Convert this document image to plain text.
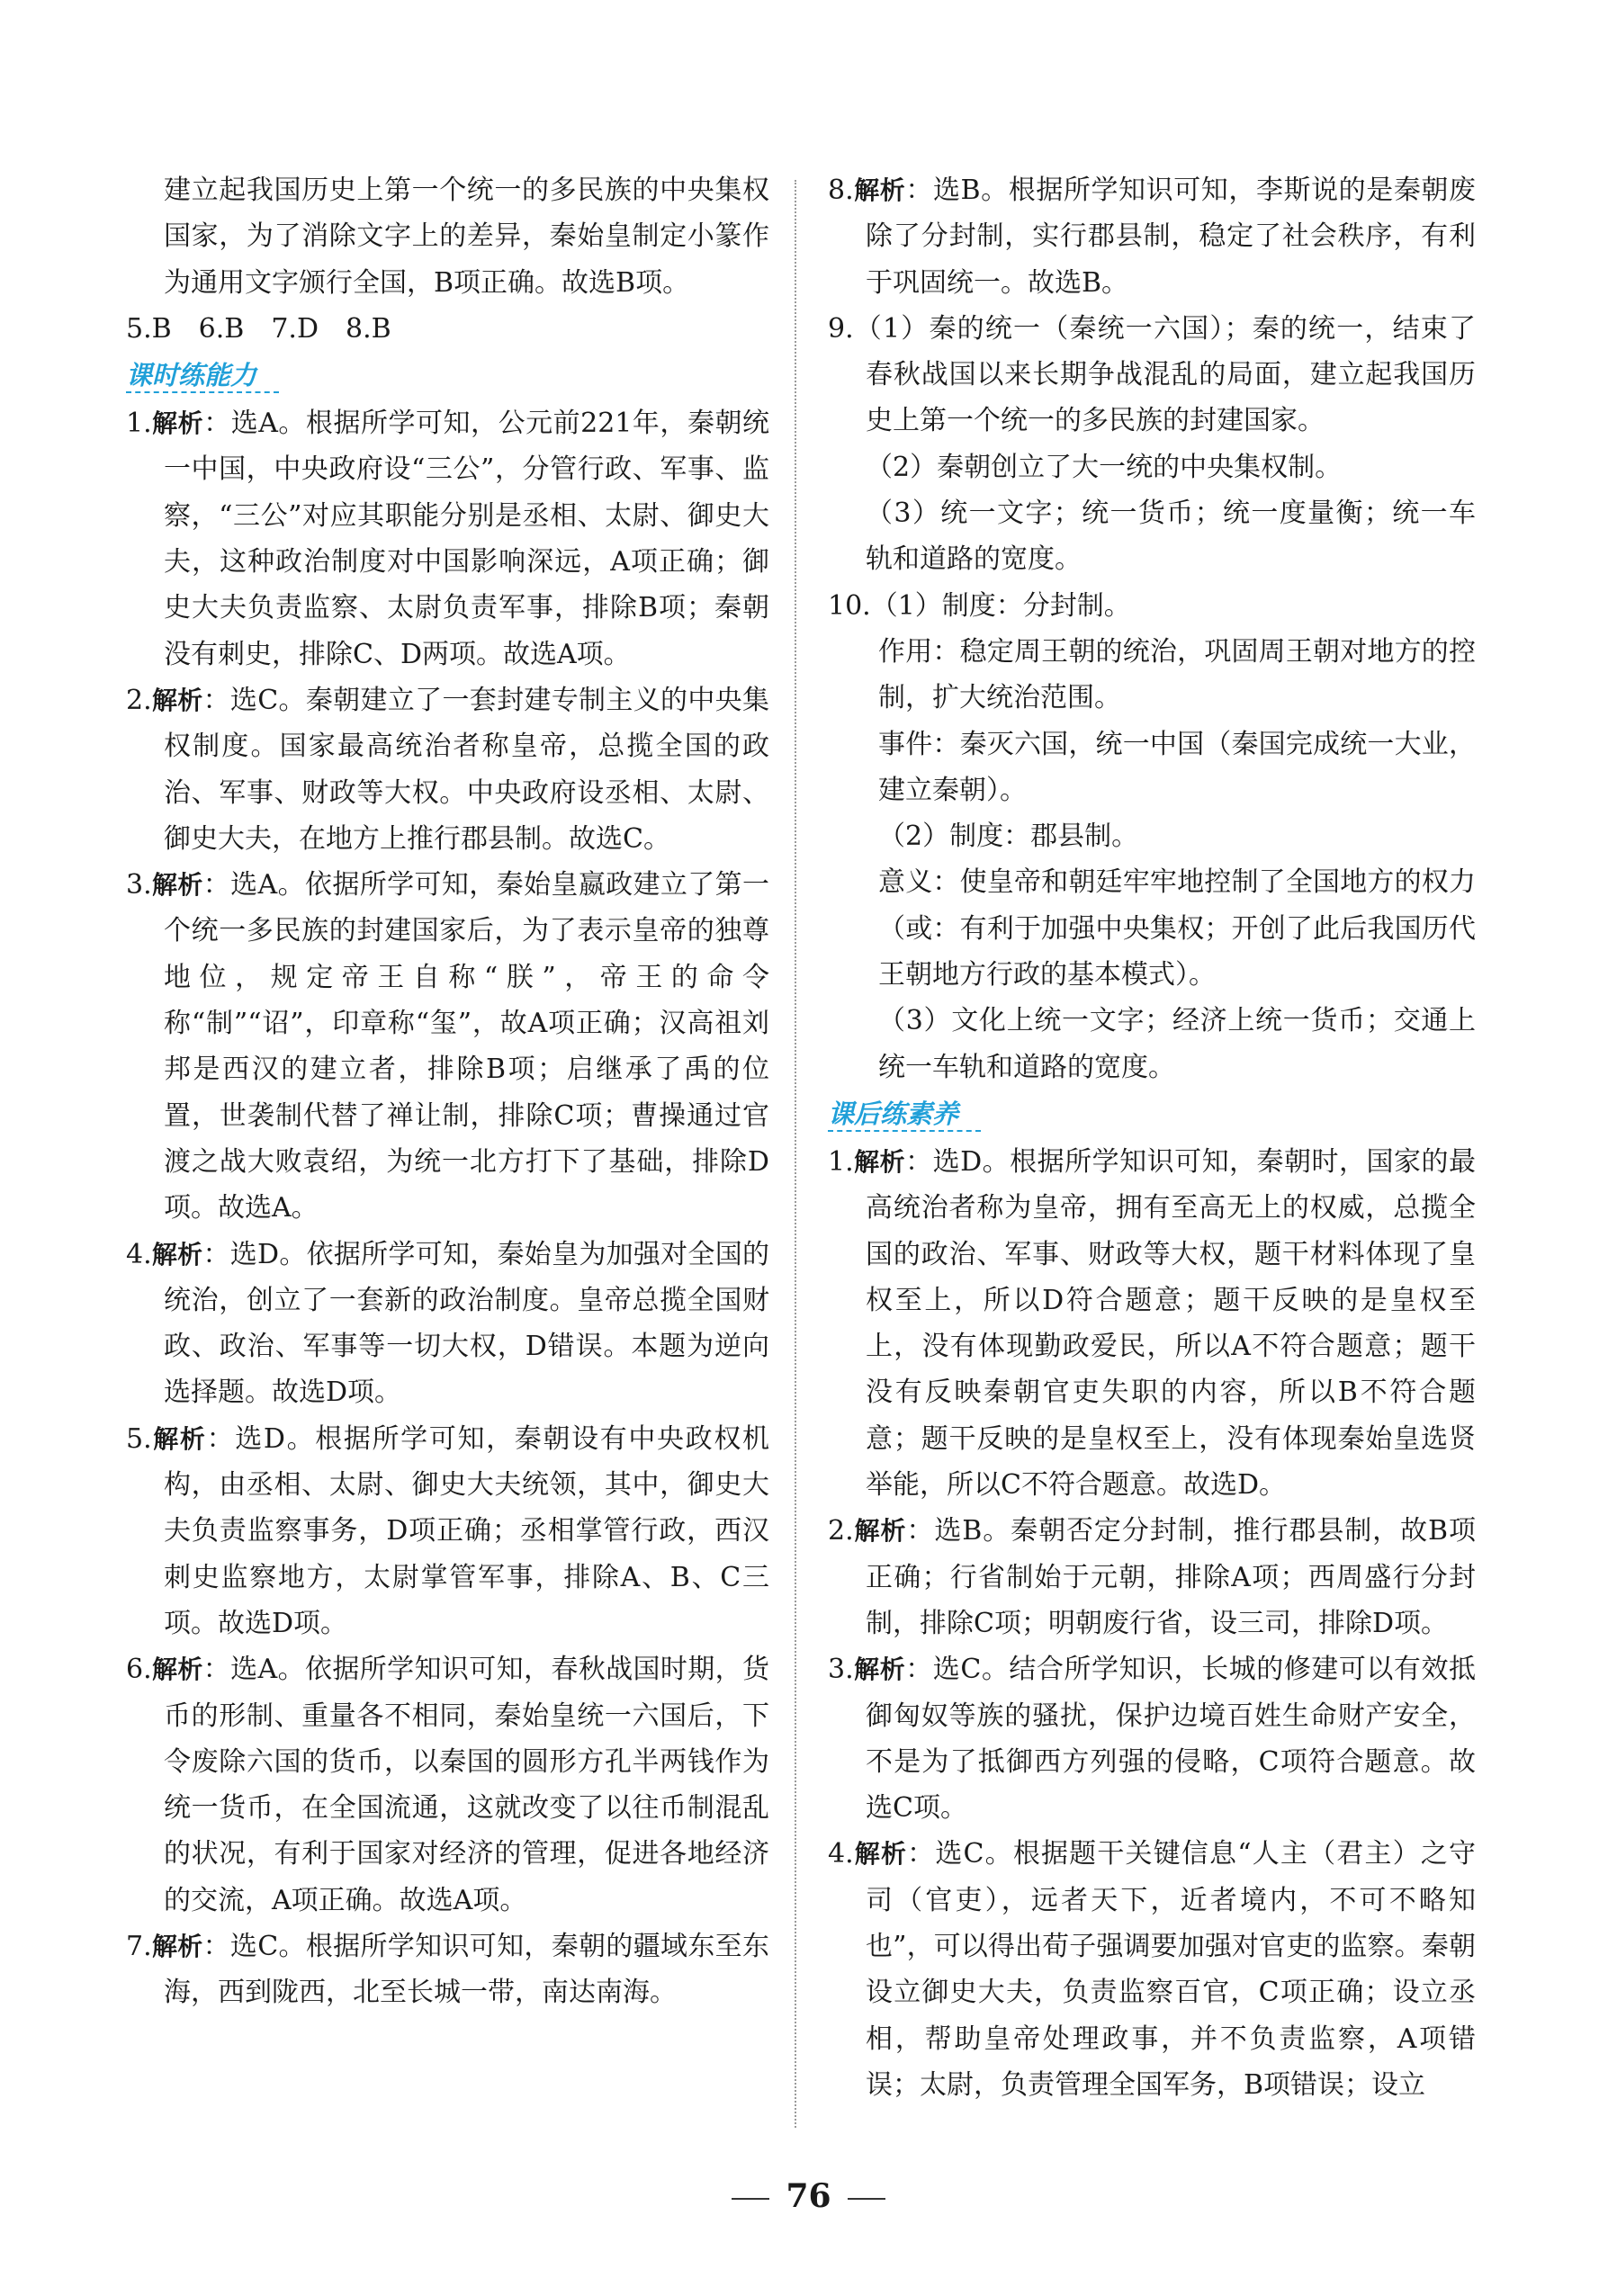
建立起我国历史上第一个统一的多民族的中央集权国家，为了消除文字上的差异，秦始皇制定小篆作为通用文字颁行全国，B项正确。故选B项。

5.B　6.B　7.D　8.B

课时练能力

1.解析：选A。根据所学可知，公元前221年，秦朝统一中国，中央政府设“三公”，分管行政、军事、监察，“三公”对应其职能分别是丞相、太尉、御史大夫，这种政治制度对中国影响深远，A项正确；御史大夫负责监察、太尉负责军事，排除B项；秦朝没有刺史，排除C、D两项。故选A项。

2.解析：选C。秦朝建立了一套封建专制主义的中央集权制度。国家最高统治者称皇帝，总揽全国的政治、军事、财政等大权。中央政府设丞相、太尉、御史大夫，在地方上推行郡县制。故选C。

3.解析：选A。依据所学可知，秦始皇嬴政建立了第一个统一多民族的封建国家后，为了表示皇帝的独尊地位，规定帝王自称“朕”，帝王的命令称“制”“诏”，印章称“玺”，故A项正确；汉高祖刘邦是西汉的建立者，排除B项；启继承了禹的位置，世袭制代替了禅让制，排除C项；曹操通过官渡之战大败袁绍，为统一北方打下了基础，排除D项。故选A。

4.解析：选D。依据所学可知，秦始皇为加强对全国的统治，创立了一套新的政治制度。皇帝总揽全国财政、政治、军事等一切大权，D错误。本题为逆向选择题。故选D项。

5.解析：选D。根据所学可知，秦朝设有中央政权机构，由丞相、太尉、御史大夫统领，其中，御史大夫负责监察事务，D项正确；丞相掌管行政，西汉刺史监察地方，太尉掌管军事，排除A、B、C三项。故选D项。

6.解析：选A。依据所学知识可知，春秋战国时期，货币的形制、重量各不相同，秦始皇统一六国后，下令废除六国的货币，以秦国的圆形方孔半两钱作为统一货币，在全国流通，这就改变了以往币制混乱的状况，有利于国家对经济的管理，促进各地经济的交流，A项正确。故选A项。

7.解析：选C。根据所学知识可知，秦朝的疆域东至东海，西到陇西，北至长城一带，南达南海。

8.解析：选B。根据所学知识可知，李斯说的是秦朝废除了分封制，实行郡县制，稳定了社会秩序，有利于巩固统一。故选B。

9.（1）秦的统一（秦统一六国）；秦的统一，结束了春秋战国以来长期争战混乱的局面，建立起我国历史上第一个统一的多民族的封建国家。

（2）秦朝创立了大一统的中央集权制。

（3）统一文字；统一货币；统一度量衡；统一车轨和道路的宽度。

10.（1）制度：分封制。

作用：稳定周王朝的统治，巩固周王朝对地方的控制，扩大统治范围。

事件：秦灭六国，统一中国（秦国完成统一大业，建立秦朝）。

（2）制度：郡县制。

意义：使皇帝和朝廷牢牢地控制了全国地方的权力（或：有利于加强中央集权；开创了此后我国历代王朝地方行政的基本模式）。

（3）文化上统一文字；经济上统一货币；交通上统一车轨和道路的宽度。

课后练素养

1.解析：选D。根据所学知识可知，秦朝时，国家的最高统治者称为皇帝，拥有至高无上的权威，总揽全国的政治、军事、财政等大权，题干材料体现了皇权至上，所以D符合题意；题干反映的是皇权至上，没有体现勤政爱民，所以A不符合题意；题干没有反映秦朝官吏失职的内容，所以B不符合题意；题干反映的是皇权至上，没有体现秦始皇选贤举能，所以C不符合题意。故选D。

2.解析：选B。秦朝否定分封制，推行郡县制，故B项正确；行省制始于元朝，排除A项；西周盛行分封制，排除C项；明朝废行省，设三司，排除D项。

3.解析：选C。结合所学知识，长城的修建可以有效抵御匈奴等族的骚扰，保护边境百姓生命财产安全，不是为了抵御西方列强的侵略，C项符合题意。故选C项。

4.解析：选C。根据题干关键信息“人主（君主）之守司（官吏），远者天下，近者境内，不可不略知也”，可以得出荀子强调要加强对官吏的监察。秦朝设立御史大夫，负责监察百官，C项正确；设立丞相，帮助皇帝处理政事，并不负责监察，A项错误；太尉，负责管理全国军务，B项错误；设立

76
